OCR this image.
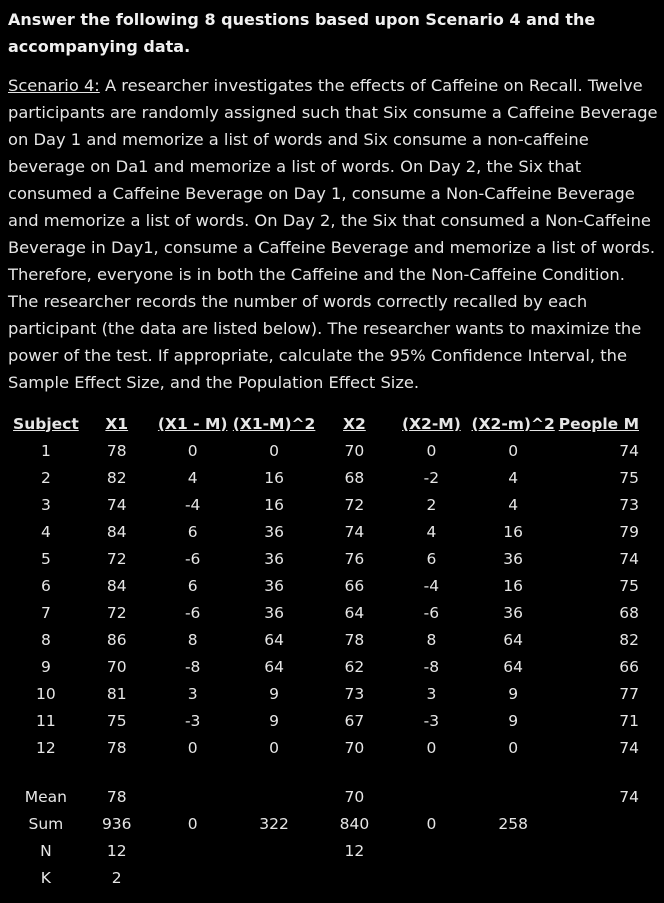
Answer the following 8 questions based upon Scenario 4 and the accompanying data.
Scenario 4: A researcher investigates the effects of Caffeine on Recall. Twelve participants are randomly assigned such that Six consume a Caffeine Beverage on Day 1 and memorize a list of words and Six consume a non-caffeine beverage on Da1 and memorize a list of words. On Day 2, the Six that consumed a Caffeine Beverage on Day 1, consume a Non-Caffeine Beverage and memorize a list of words. On Day 2, the Six that consumed a Non-Caffeine Beverage in Day1, consume a Caffeine Beverage and memorize a list of words. Therefore, everyone is in both the Caffeine and the Non-Caffeine Condition. The researcher records the number of words correctly recalled by each participant (the data are listed below). The researcher wants to maximize the power of the test. If appropriate, calculate the 95% Confidence Interval, the Sample Effect Size, and the Population Effect Size.
Subject	X1	(X1 - M)	(X1-M)^2	X2	(X2-M)	(X2-m)^2	People M
1	78	0	0	70	0	0	74
2	82	4	16	68	-2	4	75
3	74	-4	16	72	2	4	73
4	84	6	36	74	4	16	79
5	72	-6	36	76	6	36	74
6	84	6	36	66	-4	16	75
7	72	-6	36	64	-6	36	68
8	86	8	64	78	8	64	82
9	70	-8	64	62	-8	64	66
10	81	3	9	73	3	9	77
11	75	-3	9	67	-3	9	71
12	78	0	0	70	0	0	74

Mean	78			70			74
Sum	936	0	322	840	0	258	
N	12			12			
K	2						
